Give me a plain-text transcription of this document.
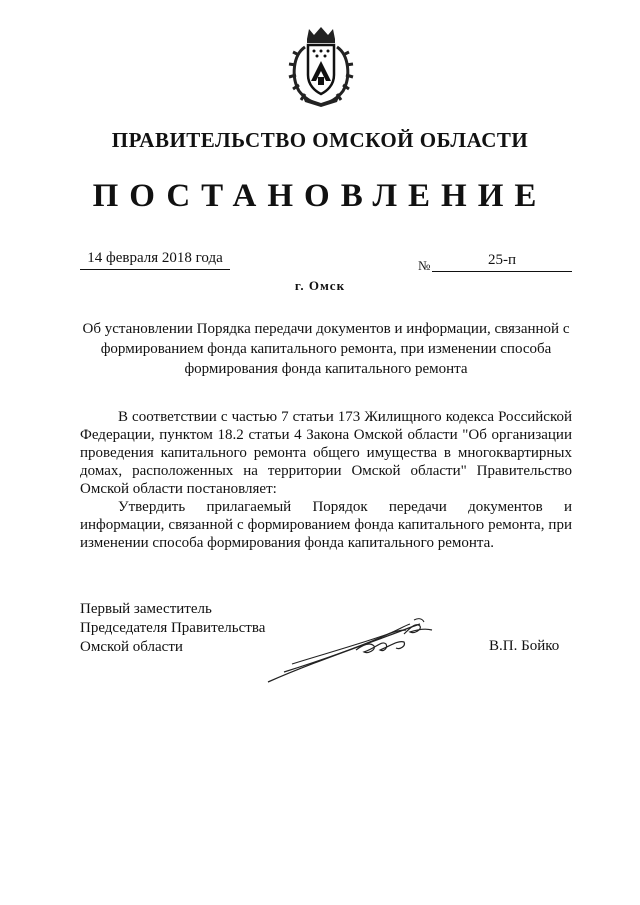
ПРАВИТЕЛЬСТВО ОМСКОЙ ОБЛАСТИ
ПОСТАНОВЛЕНИЕ
14 февраля 2018 года	№	25-п
г. Омск
Об установлении Порядка передачи документов и информации, связанной с
формированием фонда капитального ремонта, при изменении способа
формирования фонда капитального ремонта

В соответствии с частью 7 статьи 173 Жилищного кодекса Российской Федерации, пунктом 18.2 статьи 4 Закона Омской области "Об организации проведения капитального ремонта общего имущества в многоквартирных домах, расположенных на территории Омской области" Правительство Омской области постановляет:

Утвердить прилагаемый Порядок передачи документов и информации, связанной с формированием фонда капитального ремонта, при изменении способа формирования фонда капитального ремонта.

Первый заместитель
Председателя Правительства
Омской области	В.П. Бойко
